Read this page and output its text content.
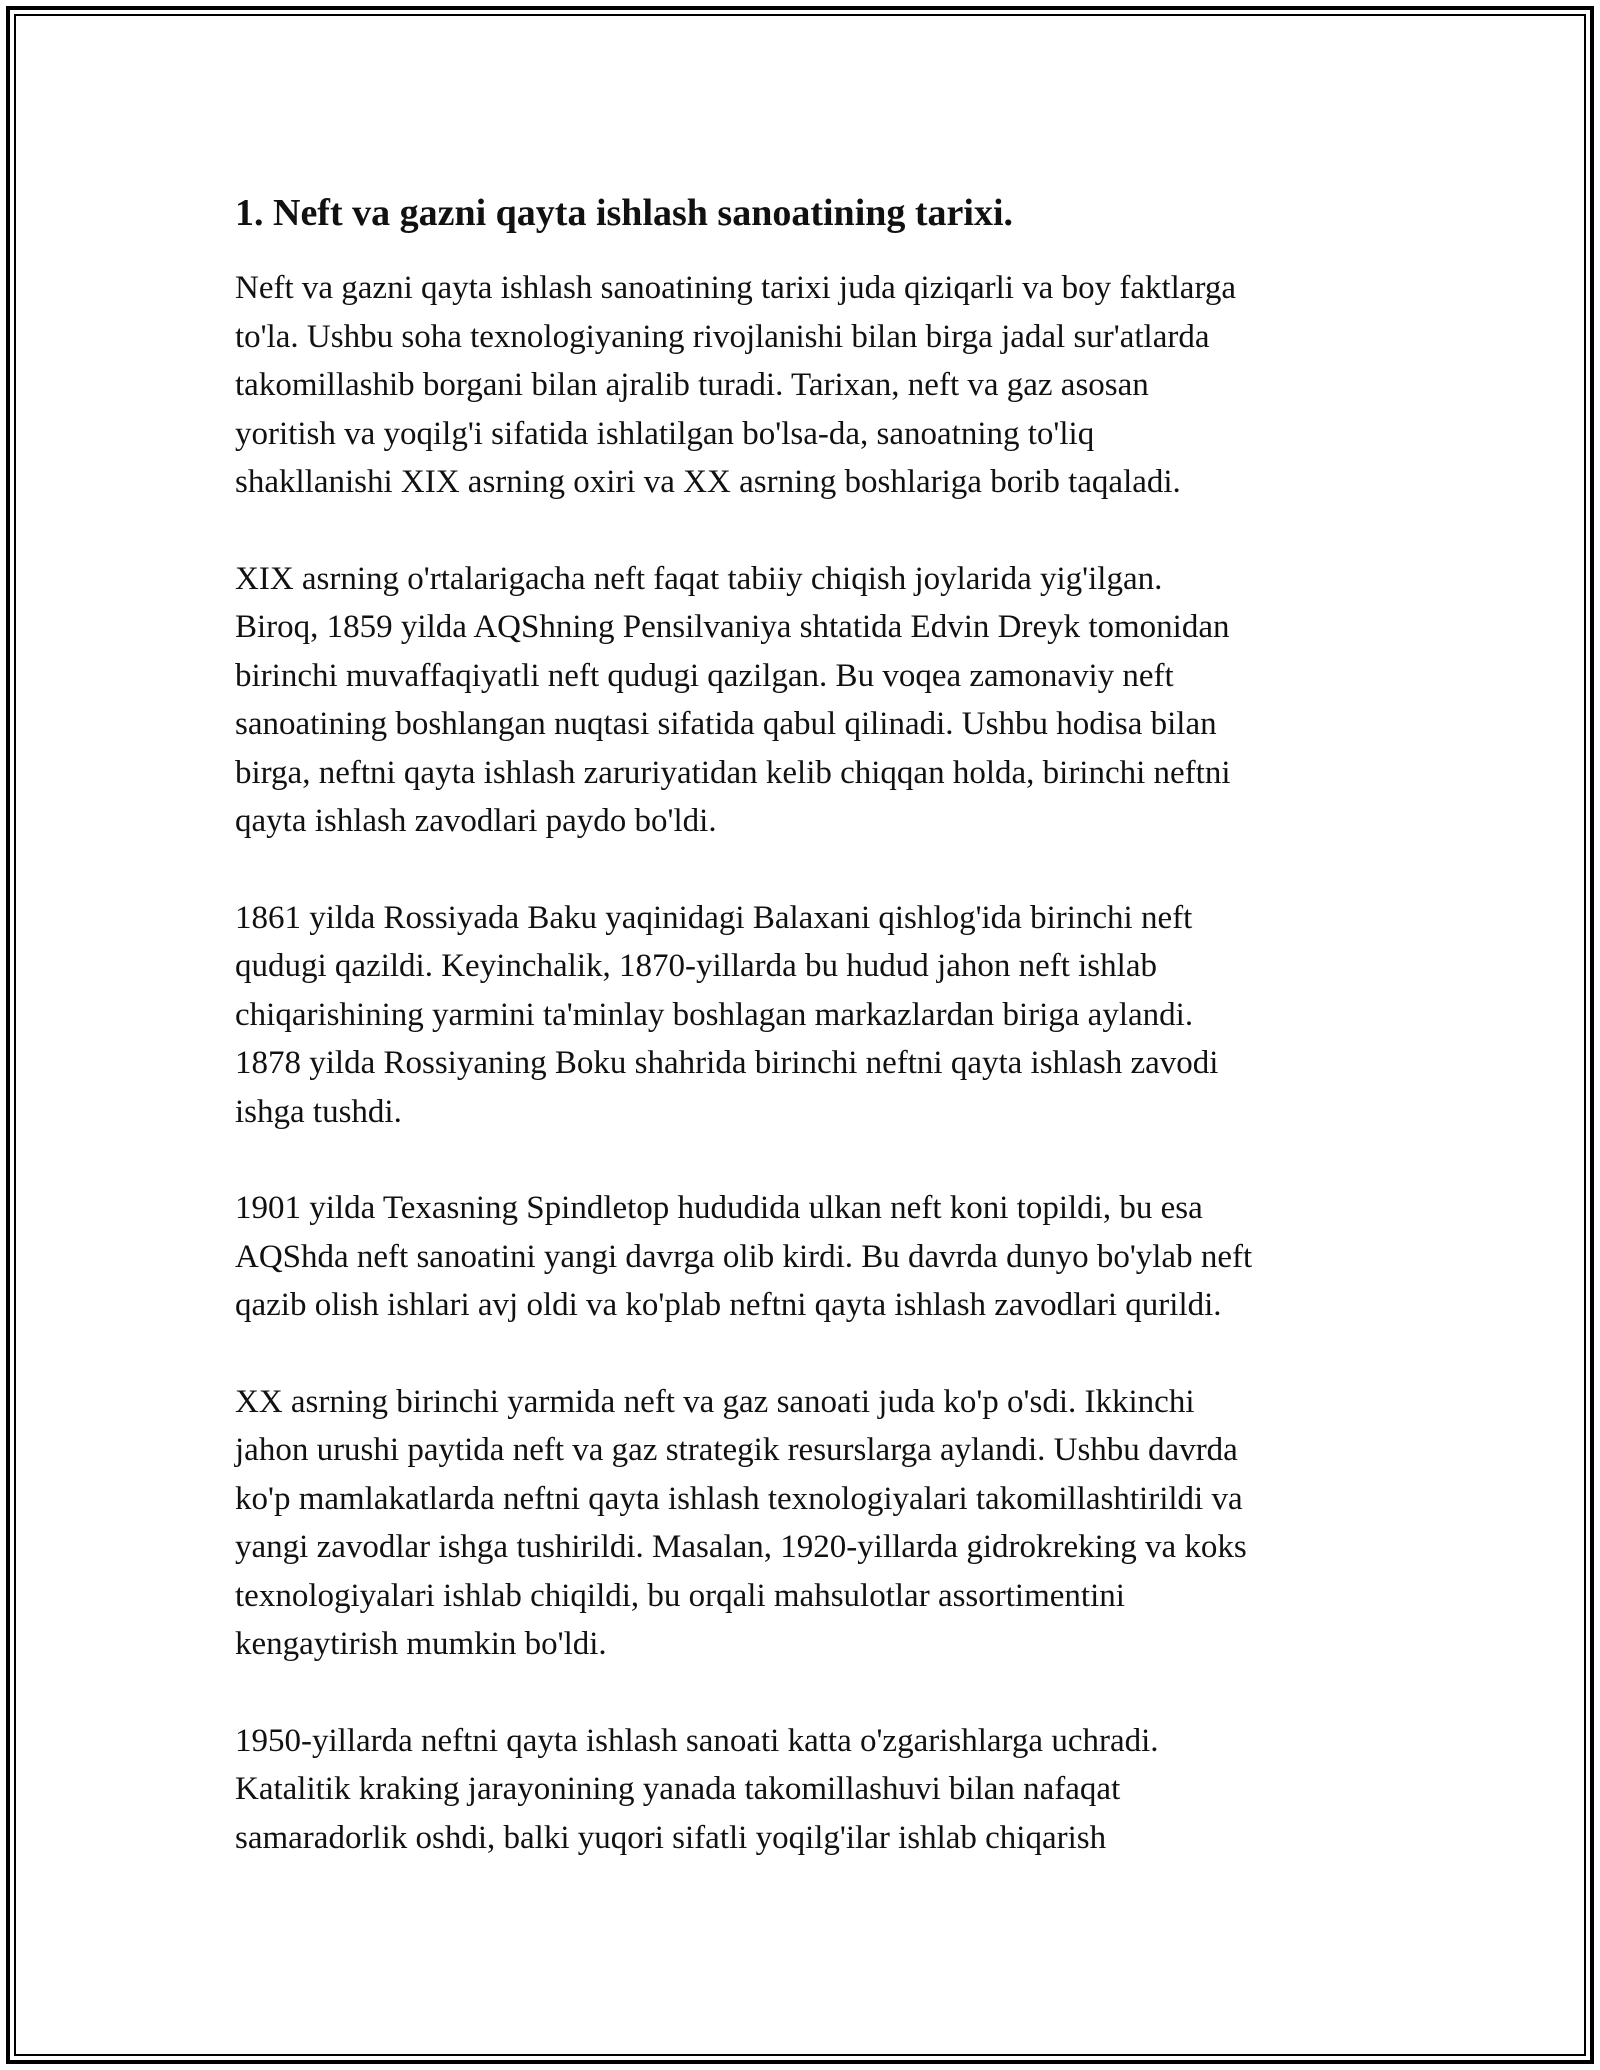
1. Neft va gazni qayta ishlash sanoatining tarixi.

Neft va gazni qayta ishlash sanoatining tarixi juda qiziqarli va boy faktlarga
to'la. Ushbu soha texnologiyaning rivojlanishi bilan birga jadal sur'atlarda
takomillashib borgani bilan ajralib turadi. Tarixan, neft va gaz asosan
yoritish va yoqilg'i sifatida ishlatilgan bo'lsa-da, sanoatning to'liq
shakllanishi XIX asrning oxiri va XX asrning boshlariga borib taqaladi.

XIX asrning o'rtalarigacha neft faqat tabiiy chiqish joylarida yig'ilgan.
Biroq, 1859 yilda AQShning Pensilvaniya shtatida Edvin Dreyk tomonidan
birinchi muvaffaqiyatli neft qudugi qazilgan. Bu voqea zamonaviy neft
sanoatining boshlangan nuqtasi sifatida qabul qilinadi. Ushbu hodisa bilan
birga, neftni qayta ishlash zaruriyatidan kelib chiqqan holda, birinchi neftni
qayta ishlash zavodlari paydo bo'ldi.

1861 yilda Rossiyada Baku yaqinidagi Balaxani qishlog'ida birinchi neft
qudugi qazildi. Keyinchalik, 1870-yillarda bu hudud jahon neft ishlab
chiqarishining yarmini ta'minlay boshlagan markazlardan biriga aylandi.
1878 yilda Rossiyaning Boku shahrida birinchi neftni qayta ishlash zavodi
ishga tushdi.

1901 yilda Texasning Spindletop hududida ulkan neft koni topildi, bu esa
AQShda neft sanoatini yangi davrga olib kirdi. Bu davrda dunyo bo'ylab neft
qazib olish ishlari avj oldi va ko'plab neftni qayta ishlash zavodlari qurildi.

XX asrning birinchi yarmida neft va gaz sanoati juda ko'p o'sdi. Ikkinchi
jahon urushi paytida neft va gaz strategik resurslarga aylandi. Ushbu davrda
ko'p mamlakatlarda neftni qayta ishlash texnologiyalari takomillashtirildi va
yangi zavodlar ishga tushirildi. Masalan, 1920-yillarda gidrokreking va koks
texnologiyalari ishlab chiqildi, bu orqali mahsulotlar assortimentini
kengaytirish mumkin bo'ldi.

1950-yillarda neftni qayta ishlash sanoati katta o'zgarishlarga uchradi.
Katalitik kraking jarayonining yanada takomillashuvi bilan nafaqat
samaradorlik oshdi, balki yuqori sifatli yoqilg'ilar ishlab chiqarish
